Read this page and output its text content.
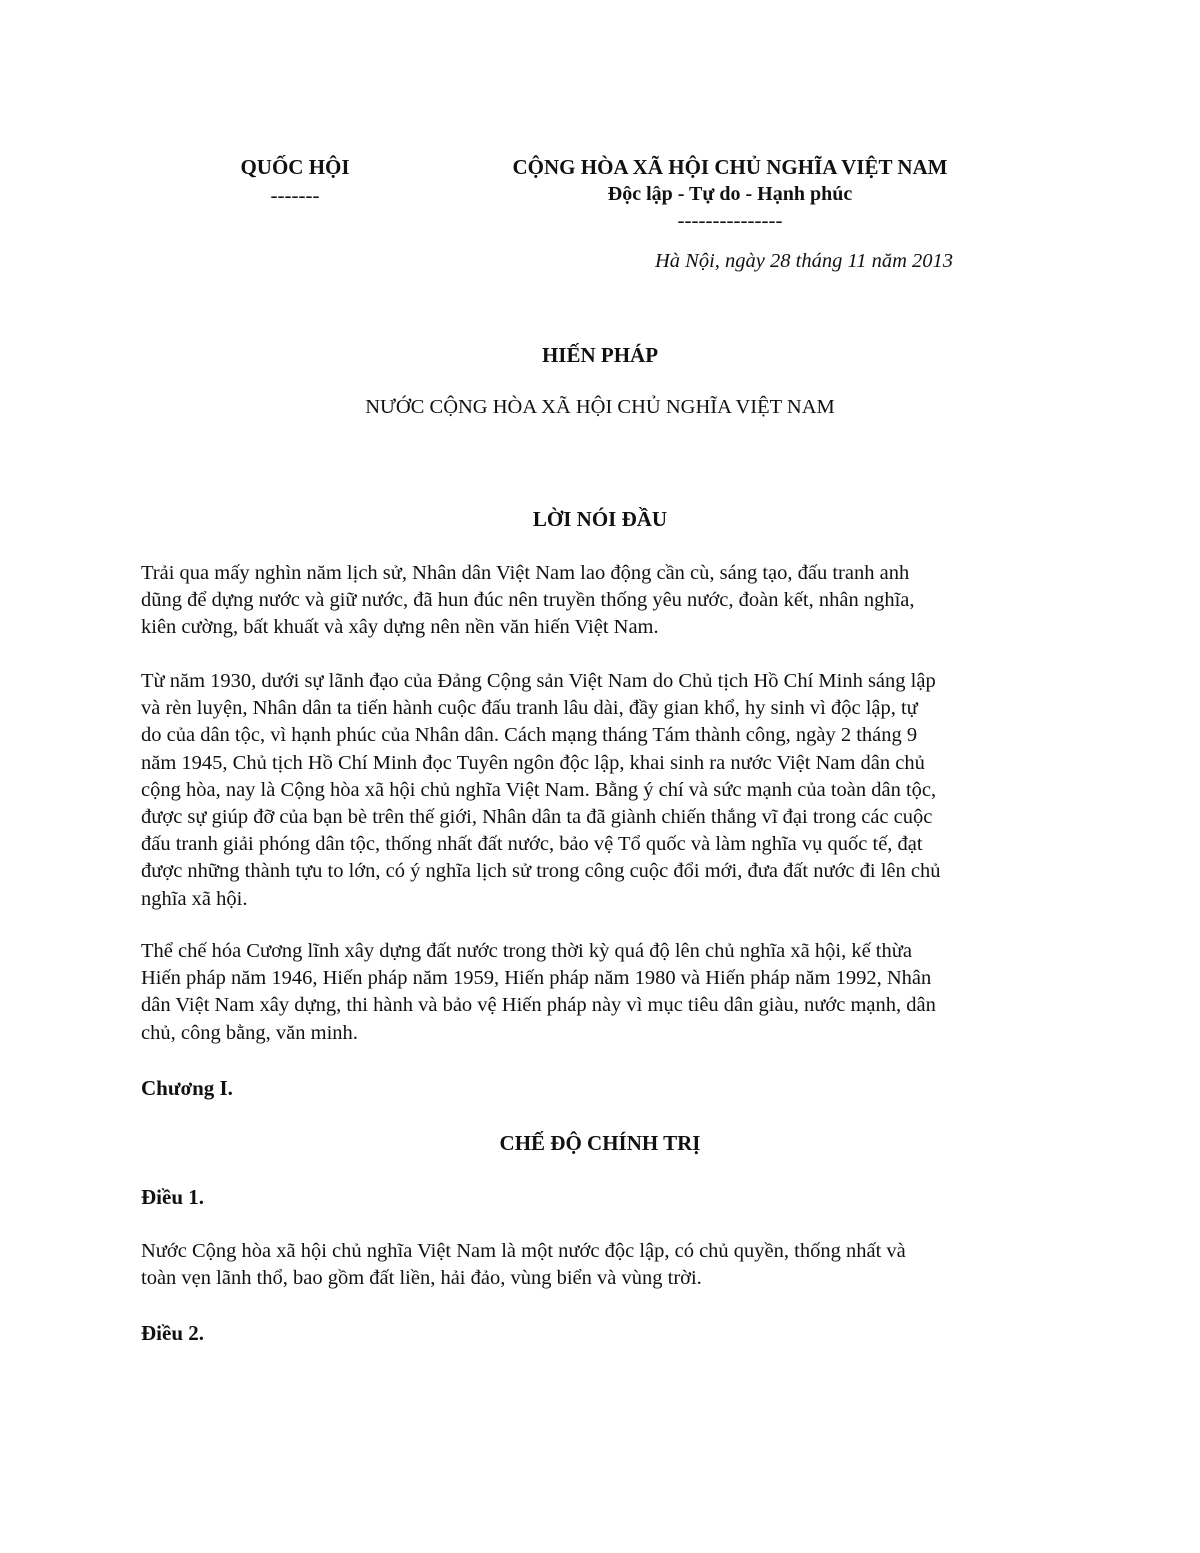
QUỐC HỘI
-------
CỘNG HÒA XÃ HỘI CHỦ NGHĨA VIỆT NAM
Độc lập - Tự do - Hạnh phúc
---------------
Hà Nội, ngày 28 tháng 11 năm 2013
HIẾN PHÁP
NƯỚC CỘNG HÒA XÃ HỘI CHỦ NGHĨA VIỆT NAM
LỜI NÓI ĐẦU
Trải qua mấy nghìn năm lịch sử, Nhân dân Việt Nam lao động cần cù, sáng tạo, đấu tranh anh
dũng để dựng nước và giữ nước, đã hun đúc nên truyền thống yêu nước, đoàn kết, nhân nghĩa,
kiên cường, bất khuất và xây dựng nên nền văn hiến Việt Nam.
Từ năm 1930, dưới sự lãnh đạo của Đảng Cộng sản Việt Nam do Chủ tịch Hồ Chí Minh sáng lập
và rèn luyện, Nhân dân ta tiến hành cuộc đấu tranh lâu dài, đầy gian khổ, hy sinh vì độc lập, tự
do của dân tộc, vì hạnh phúc của Nhân dân. Cách mạng tháng Tám thành công, ngày 2 tháng 9
năm 1945, Chủ tịch Hồ Chí Minh đọc Tuyên ngôn độc lập, khai sinh ra nước Việt Nam dân chủ
cộng hòa, nay là Cộng hòa xã hội chủ nghĩa Việt Nam. Bằng ý chí và sức mạnh của toàn dân tộc,
được sự giúp đỡ của bạn bè trên thế giới, Nhân dân ta đã giành chiến thắng vĩ đại trong các cuộc
đấu tranh giải phóng dân tộc, thống nhất đất nước, bảo vệ Tổ quốc và làm nghĩa vụ quốc tế, đạt
được những thành tựu to lớn, có ý nghĩa lịch sử trong công cuộc đổi mới, đưa đất nước đi lên chủ
nghĩa xã hội.
Thể chế hóa Cương lĩnh xây dựng đất nước trong thời kỳ quá độ lên chủ nghĩa xã hội, kế thừa
Hiến pháp năm 1946, Hiến pháp năm 1959, Hiến pháp năm 1980 và Hiến pháp năm 1992, Nhân
dân Việt Nam xây dựng, thi hành và bảo vệ Hiến pháp này vì mục tiêu dân giàu, nước mạnh, dân
chủ, công bằng, văn minh.
Chương I.
CHẾ ĐỘ CHÍNH TRỊ
Điều 1.
Nước Cộng hòa xã hội chủ nghĩa Việt Nam là một nước độc lập, có chủ quyền, thống nhất và
toàn vẹn lãnh thổ, bao gồm đất liền, hải đảo, vùng biển và vùng trời.
Điều 2.
